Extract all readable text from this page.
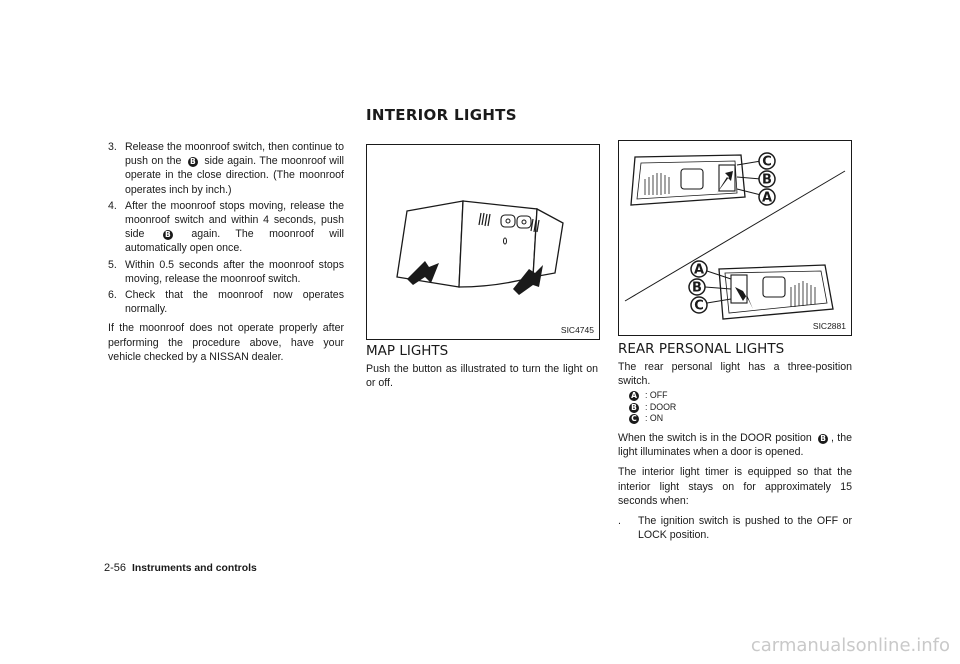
INTERIOR LIGHTS
3. Release the moonroof switch, then continue to push on the B side again. The moonroof will operate in the close direction. (The moonroof operates inch by inch.)
4. After the moonroof stops moving, release the moonroof switch and within 4 seconds, push side	B again. The moonroof will automatically open once.
5. Within 0.5 seconds after the moonroof stops moving, release the moonroof switch.
6. Check that the moonroof now operates normally.

If the moonroof does not operate properly after performing the procedure above, have your vehicle checked by a NISSAN dealer.

SIC4745
C
B
A
A
B
C
SIC2881
MAP LIGHTS
Push the button as illustrated to turn the light on or off.
REAR PERSONAL LIGHTS

The rear personal light has a three-position switch.

A : OFF
B : DOOR
C : ON

When the switch is in the DOOR position B , the light illuminates when a door is opened.

The interior light timer is equipped so that the interior light stays on for approximately 15 seconds when:

. The ignition switch is pushed to the OFF or LOCK position.
2-56 Instruments and controls
carmanualsonline.info
